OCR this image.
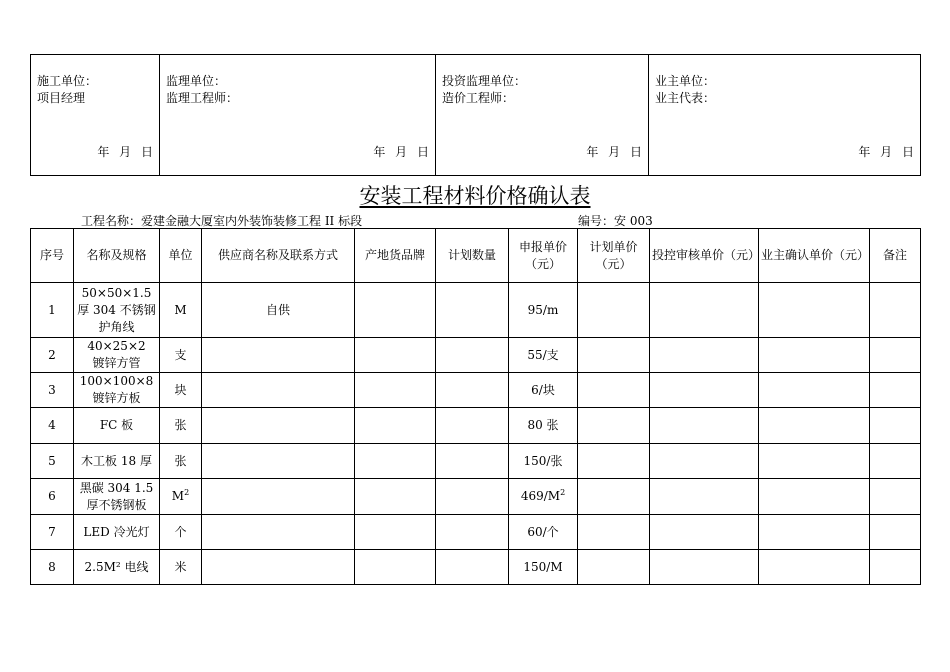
施工单位：
项目经理
年 月 日

监理单位：
监理工程师：
年 月 日

投资监理单位：
造价工程师：
年 月 日

业主单位：
业主代表：
年 月 日
安装工程材料价格确认表
工程名称：爱建金融大厦室内外装饰装修工程 II 标段	编号：安 003
序号	名称及规格	单位	供应商名称及联系方式	产地货品牌	计划数量	申报单价（元）	计划单价（元）	投控审核单价（元）	业主确认单价（元）	备注
1	50×50×1.5厚 304 不锈钢护角线	M	自供			95/m				
2	40×25×2　镀锌方管	支				55/支				
3	100×100×8镀锌方板	块				6/块				
4	FC 板	张				80 张				
5	木工板 18 厚	张				150/张				
6	黑碳 304 1.5厚不锈钢板	$M^2$				$469/M^2$				
7	LED 冷光灯	个				60/个				
8	2.5M² 电线	米				150/M				
